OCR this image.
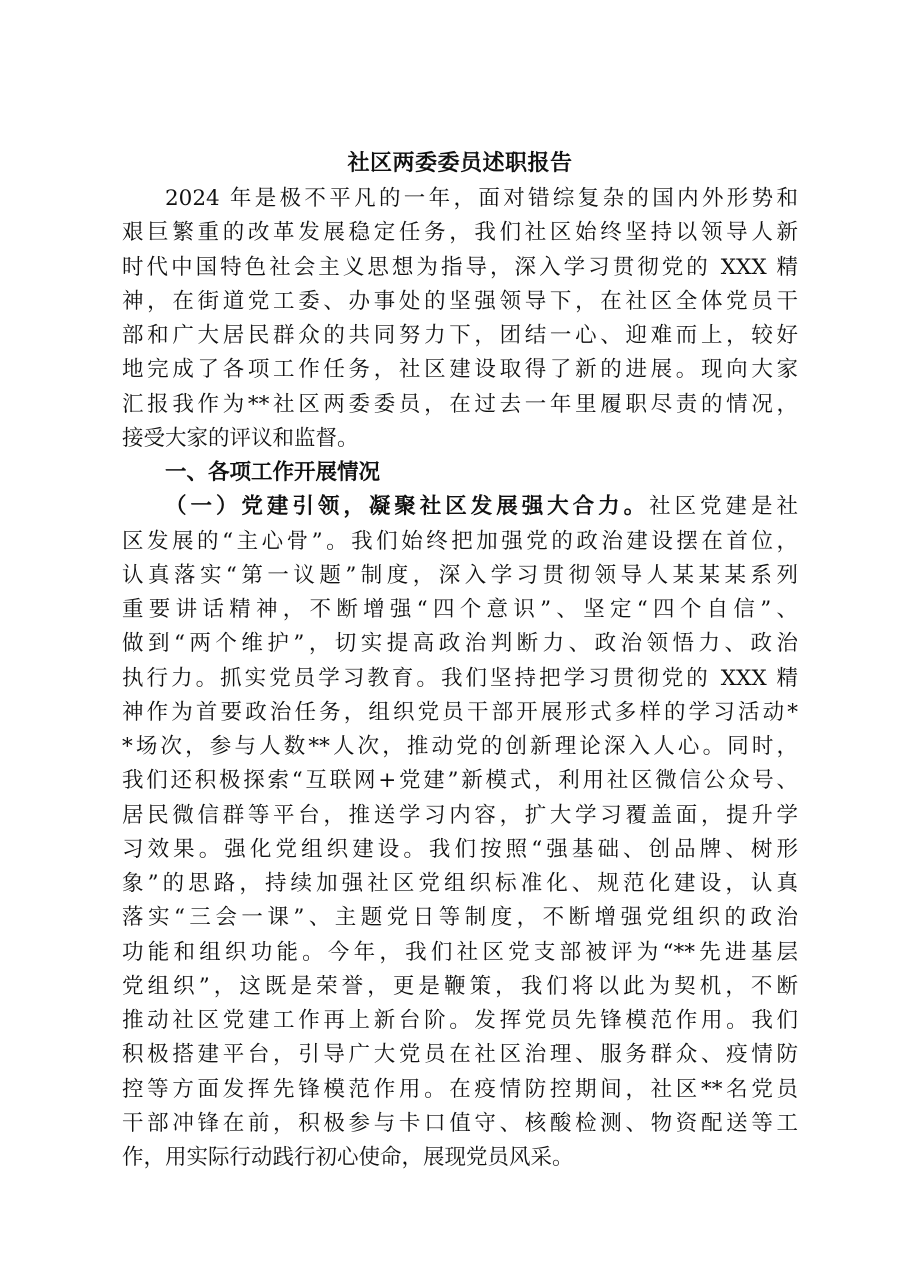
社区两委委员述职报告
2024 年是极不平凡的一年，面对错综复杂的国内外形势和
艰巨繁重的改革发展稳定任务，我们社区始终坚持以领导人新
时代中国特色社会主义思想为指导，深入学习贯彻党的 XXX 精
神，在街道党工委、办事处的坚强领导下，在社区全体党员干
部和广大居民群众的共同努力下，团结一心、迎难而上，较好
地完成了各项工作任务，社区建设取得了新的进展。现向大家
汇报我作为**社区两委委员，在过去一年里履职尽责的情况，
接受大家的评议和监督。
一、各项工作开展情况
（一）党建引领，凝聚社区发展强大合力。社区党建是社
区发展的“主心骨”。我们始终把加强党的政治建设摆在首位，
认真落实“第一议题”制度，深入学习贯彻领导人某某某系列
重要讲话精神，不断增强“四个意识”、坚定“四个自信”、
做到“两个维护”，切实提高政治判断力、政治领悟力、政治
执行力。抓实党员学习教育。我们坚持把学习贯彻党的 XXX 精
神作为首要政治任务，组织党员干部开展形式多样的学习活动*
*场次，参与人数**人次，推动党的创新理论深入人心。同时，
我们还积极探索“互联网+党建”新模式，利用社区微信公众号、
居民微信群等平台，推送学习内容，扩大学习覆盖面，提升学
习效果。强化党组织建设。我们按照“强基础、创品牌、树形
象”的思路，持续加强社区党组织标准化、规范化建设，认真
落实“三会一课”、主题党日等制度，不断增强党组织的政治
功能和组织功能。今年，我们社区党支部被评为“**先进基层
党组织”，这既是荣誉，更是鞭策，我们将以此为契机，不断
推动社区党建工作再上新台阶。发挥党员先锋模范作用。我们
积极搭建平台，引导广大党员在社区治理、服务群众、疫情防
控等方面发挥先锋模范作用。在疫情防控期间，社区**名党员
干部冲锋在前，积极参与卡口值守、核酸检测、物资配送等工
作，用实际行动践行初心使命，展现党员风采。
